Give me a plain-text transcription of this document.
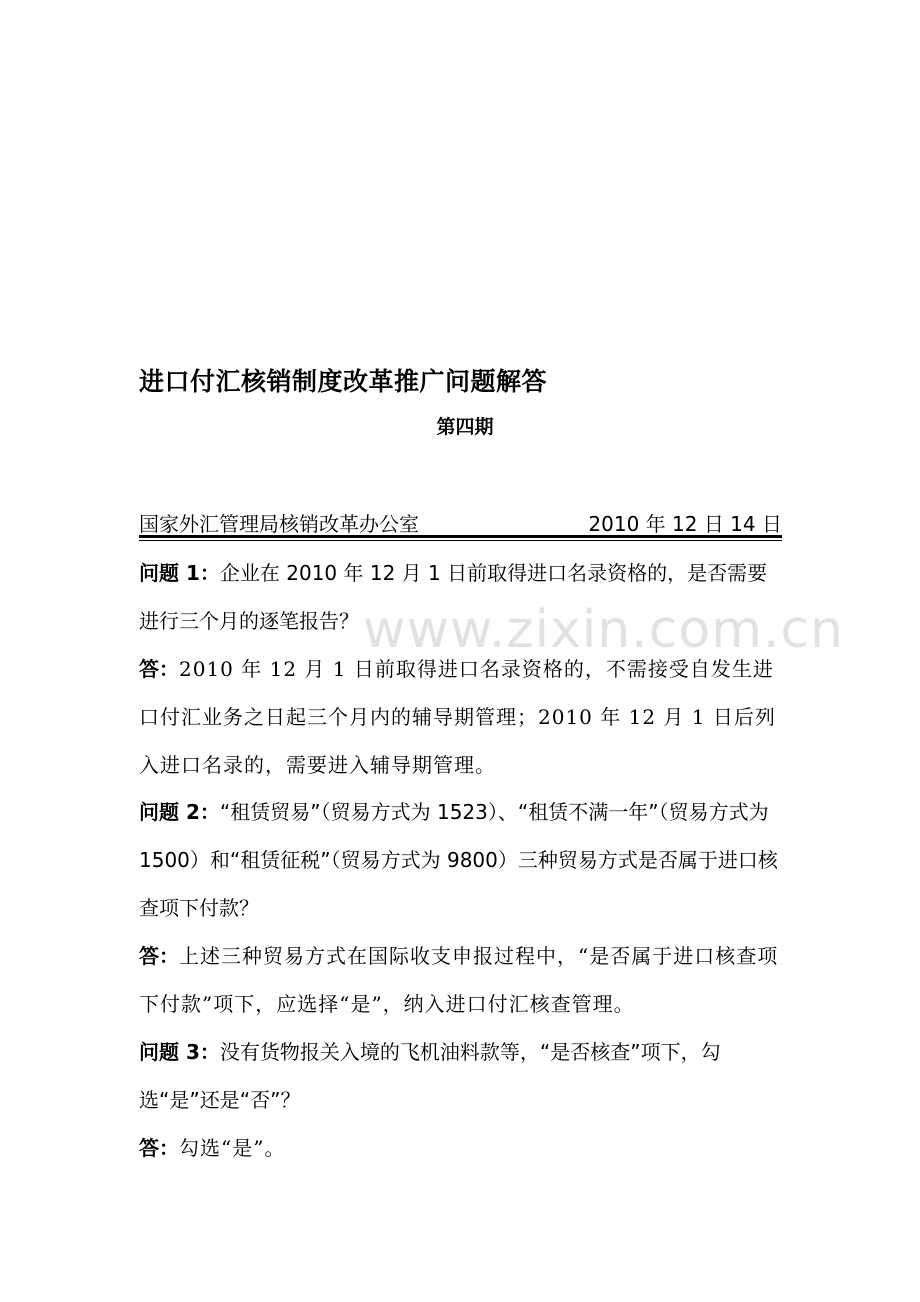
进口付汇核销制度改革推广问题解答
第四期
国家外汇管理局核销改革办公室	2010 年 12 日 14 日
www.zixin.com.cn
问题 1：企业在 2010 年 12 月 1 日前取得进口名录资格的，是否需要进行三个月的逐笔报告？
答：2010 年 12 月 1 日前取得进口名录资格的，不需接受自发生进口付汇业务之日起三个月内的辅导期管理；2010 年 12 月 1 日后列入进口名录的，需要进入辅导期管理。
问题 2：“租赁贸易”（贸易方式为 1523）、“租赁不满一年”（贸易方式为 1500）和“租赁征税”（贸易方式为 9800）三种贸易方式是否属于进口核查项下付款？
答：上述三种贸易方式在国际收支申报过程中，“是否属于进口核查项下付款”项下，应选择“是”，纳入进口付汇核查管理。
问题 3：没有货物报关入境的飞机油料款等，“是否核查”项下，勾选“是”还是“否”？
答：勾选“是”。
